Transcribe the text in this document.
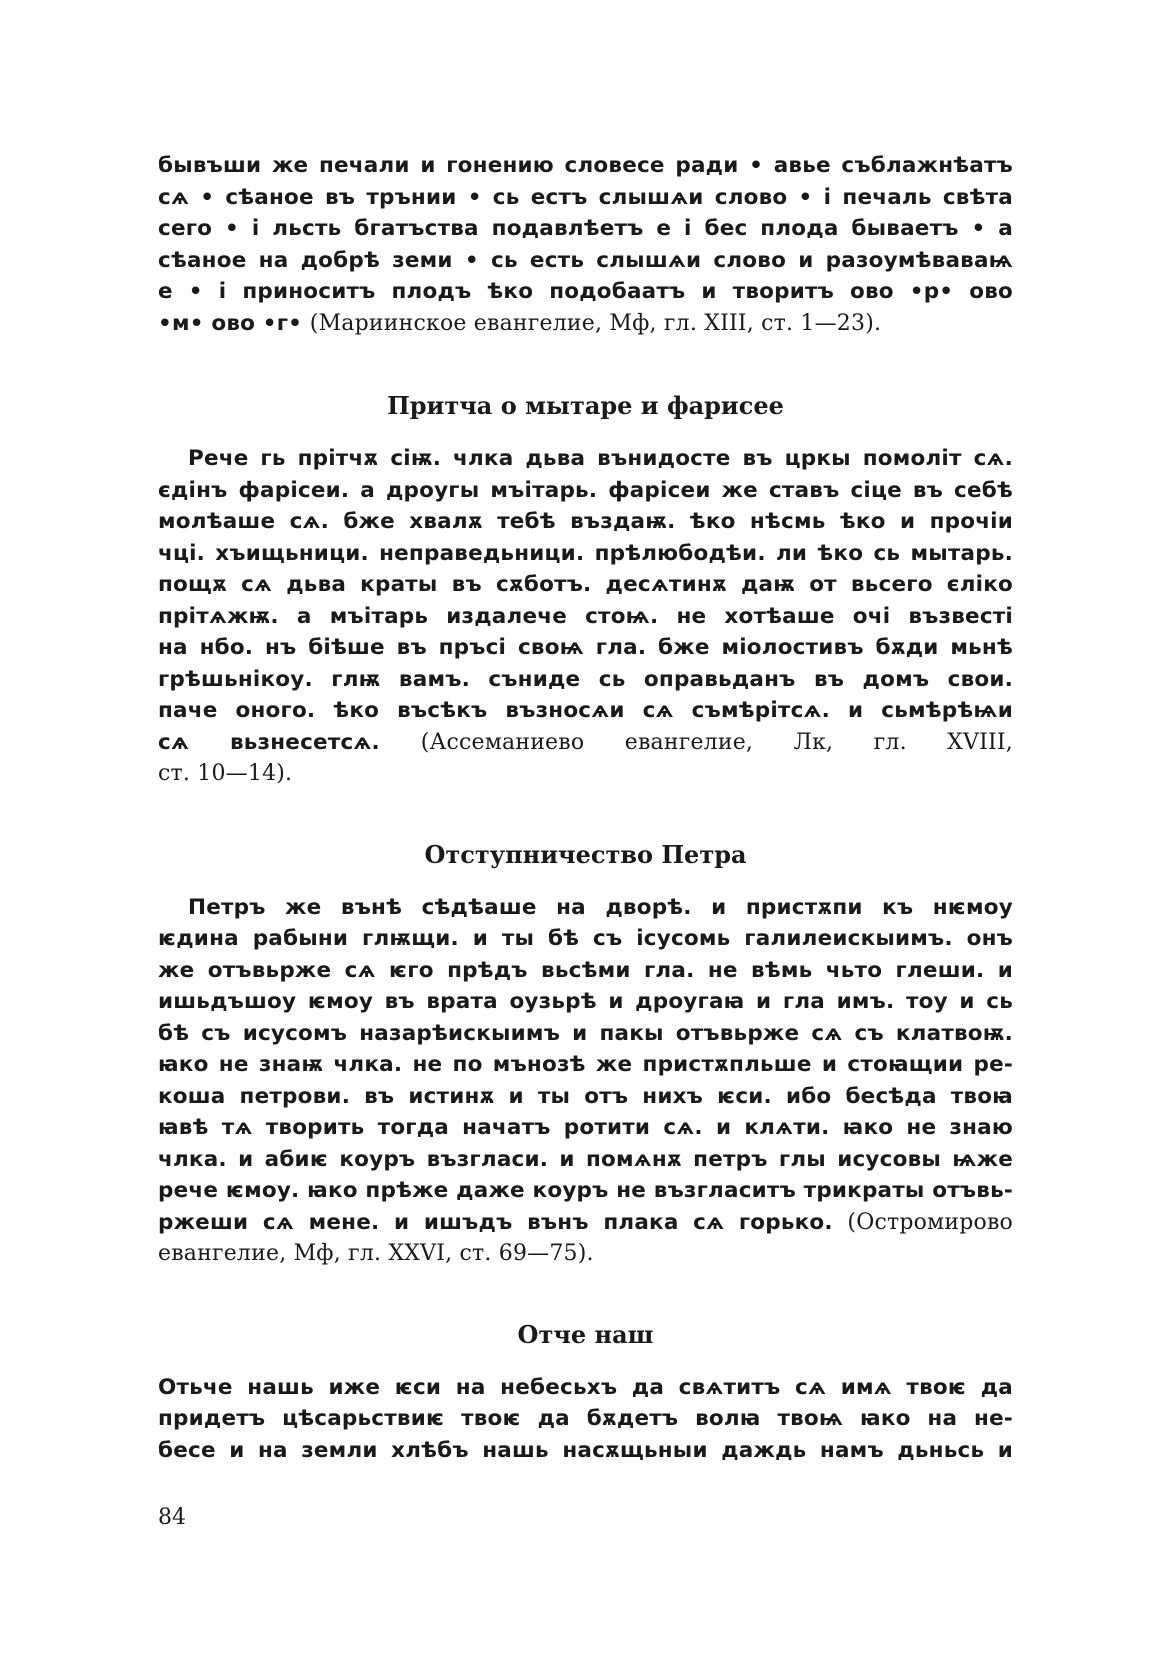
бывъши же печали и гонению словесе ради • авье съблажнѣатъ
сѧ • сѣаное въ трънии • сь естъ слышѧи слово • і печаль свѣта
сего • і льсть бгатъства подавлѣетъ е і бес плода бываетъ • а
сѣаное на добрѣ земи • сь есть слышѧи слово и разоумѣваваѩ
е • і приноситъ плодъ ѣко подобаатъ и творитъ ово •р• ово
•м• ово •г• (Мариинское евангелие, Мф, гл. XIII, ст. 1—23).
Притча о мытаре и фарисее
Рече гь прітчѫ сіѭ. члка дьва вънидосте въ цркы помоліт сѧ.
єдінъ фарісеи. а дроугы мъітарь. фарісеи же ставъ сіце въ себѣ
молѣаше сѧ. бже хвалѫ тебѣ въздаѭ. ѣко нѣсмь ѣко и прочіи
чці. хъищьници. неправедьници. прѣлюбодѣи. ли ѣко сь мытарь.
пощѫ сѧ дьва краты въ сѫботъ. десѧтинѫ даѭ от вьсего єліко
прітѧжѭ. а мъітарь издалече стоѩ. не хотѣаше очі възвесті
на нбо. нъ біѣше въ пръсі своѩ гла. бже міолостивъ бѫди мьнѣ
грѣшьнікоу. глѭ вамъ. съниде сь оправьданъ въ домъ свои.
паче оного. ѣко въсѣкъ възносѧи сѧ съмѣрітсѧ. и сьмѣрѣѩи
сѧ вьзнесетсѧ. (Ассеманиево евангелие, Лк, гл. XVIII,
ст. 10—14).
Отступничество Петра
Петръ же вънѣ сѣдѣаше на дворѣ. и пристѫпи къ нѥмоу
ѥдина рабыни глѭщи. и ты бѣ съ ісусомь галилеискыимъ. онъ
же отъвьрже сѧ ѥго прѣдъ вьсѣми гла. не вѣмь чьто глеши. и
ишьдъшоу ѥмоу въ врата оузьрѣ и дроугаꙗ и гла имъ. тоу и сь
бѣ съ исусомъ назарѣискыимъ и пакы отъвьрже сѧ съ клатвоѭ.
ꙗко не знаѭ члка. не по мънозѣ же пристѫпльше и стоꙗщии ре-
коша петрови. въ истинѫ и ты отъ нихъ ѥси. ибо бесѣда твоꙗ
ꙗвѣ тѧ творить тогда начатъ ротити сѧ. и клѧти. ꙗко не знаю
члка. и абиѥ коуръ възгласи. и помѧнѫ петръ глы исусовы ѩже
рече ѥмоу. ꙗко прѣже даже коуръ не възгласитъ трикраты отъвь-
ржеши сѧ мене. и ишъдъ вънъ плака сѧ горько. (Остромирово
евангелие, Мф, гл. XXVI, ст. 69—75).
Отче наш
Отьче нашь иже ѥси на небесьхъ да свѧтитъ сѧ имѧ твоѥ да
придетъ цѣсарьствиѥ твоѥ да бѫдетъ волꙗ твоѩ ꙗко на не-
бесе и на земли хлѣбъ нашь насѫщьныи даждь намъ дьньсь и
84
